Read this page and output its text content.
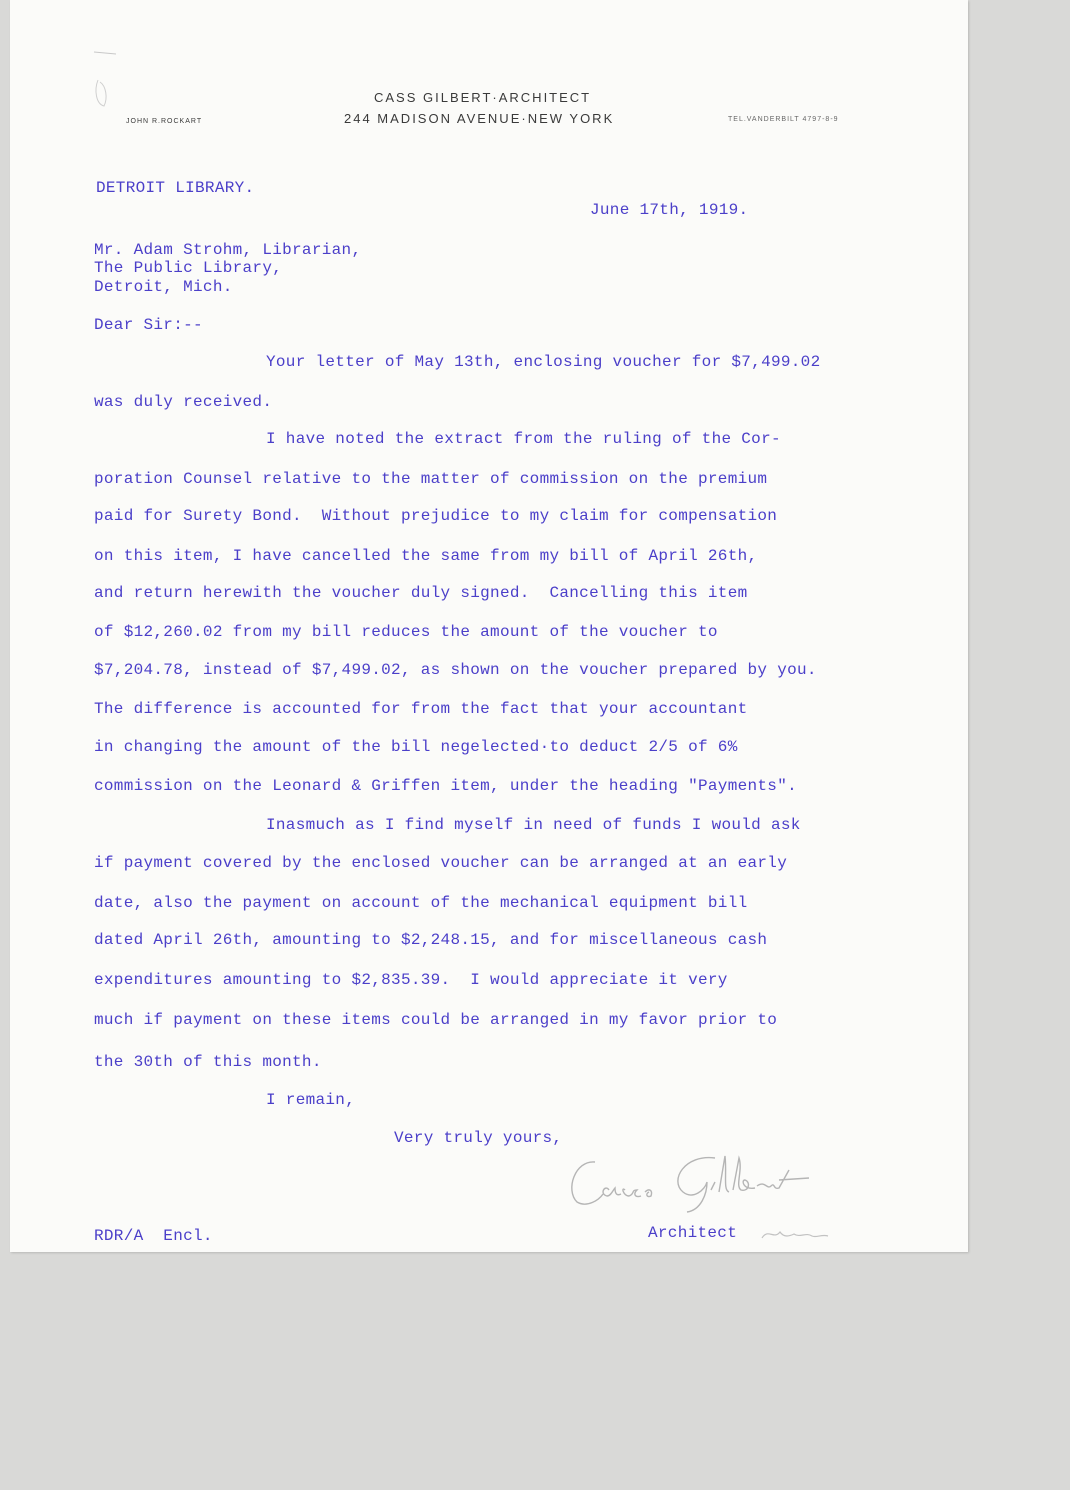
CASS GILBERT·ARCHITECT
244 MADISON AVENUE·NEW YORK
JOHN R.ROCKART	TEL.VANDERBILT 4797-8-9
DETROIT LIBRARY.
June 17th, 1919.
Mr. Adam Strohm, Librarian,
The Public Library,
Detroit, Mich.
Dear Sir:--
Your letter of May 13th, enclosing voucher for $7,499.02
was duly received.
I have noted the extract from the ruling of the Cor-
poration Counsel relative to the matter of commission on the premium
paid for Surety Bond.  Without prejudice to my claim for compensation
on this item, I have cancelled the same from my bill of April 26th,
and return herewith the voucher duly signed.  Cancelling this item
of $12,260.02 from my bill reduces the amount of the voucher to
$7,204.78, instead of $7,499.02, as shown on the voucher prepared by you.
The difference is accounted for from the fact that your accountant
in changing the amount of the bill negelected·to deduct 2/5 of 6%
commission on the Leonard & Griffen item, under the heading "Payments".
Inasmuch as I find myself in need of funds I would ask
if payment covered by the enclosed voucher can be arranged at an early
date, also the payment on account of the mechanical equipment bill
dated April 26th, amounting to $2,248.15, and for miscellaneous cash
expenditures amounting to $2,835.39.  I would appreciate it very
much if payment on these items could be arranged in my favor prior to
the 30th of this month.
I remain,
Very truly yours,
Architect
RDR/A  Encl.
